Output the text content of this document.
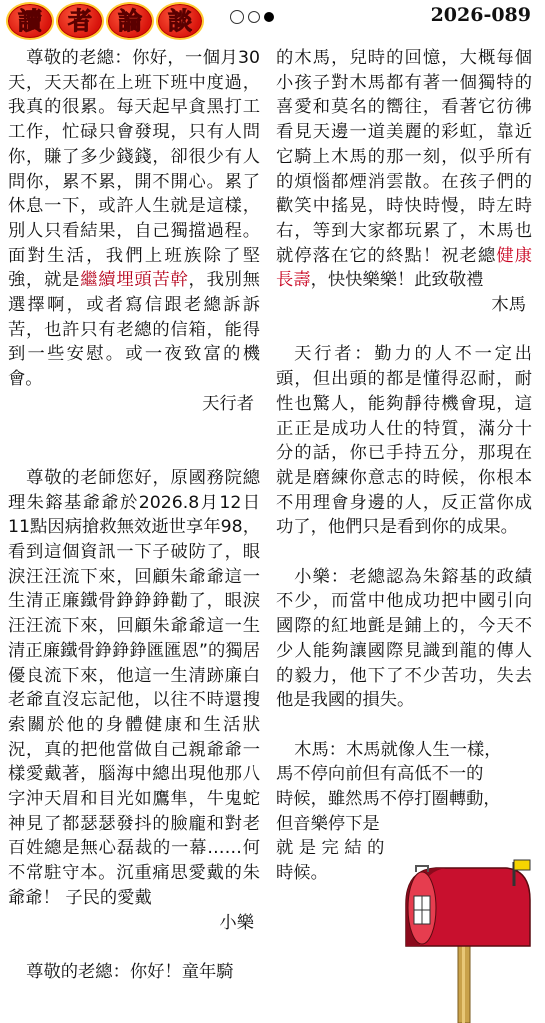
讀	者	論	談	2026-089

尊敬的老總：你好，一個月30天，天天都在上班下班中度過，我真的很累。每天起早貪黑打工工作，忙碌只會發現，只有人問你，賺了多少錢錢，卻很少有人問你，累不累，開不開心。累了休息一下，或許人生就是這樣，別人只看結果，自己獨擋過程。面對生活，我們上班族除了堅強，就是繼續埋頭苦幹，我別無選擇啊，或者寫信跟老總訴訴苦，也許只有老總的信箱，能得到一些安慰。或一夜致富的機會。

天行者

尊敬的老師您好，原國務院總理朱鎔基爺爺於2026.8月12日11點因病搶救無效逝世享年98，看到這個資訊一下子破防了，眼淚汪汪流下來，回顧朱爺爺這一生清正廉鐵骨錚錚錚勸了，眼淚汪汪流下來，回顧朱爺爺這一生清正廉鐵骨錚錚錚匯匯恩”的獨居優良流下來，他這一生清跡廉白老爺直沒忘記他，以往不時還搜索關於他的身體健康和生活狀況，真的把他當做自己親爺爺一樣愛戴著，腦海中總出現他那八字沖天眉和目光如鷹隼，牛鬼蛇神見了都瑟瑟發抖的臉龐和對老百姓總是無心磊裁的一幕……何不常駐守本。沉重痛思愛戴的朱爺爺！ 子民的愛戴

小樂

尊敬的老總：你好！童年騎

的木馬，兒時的回憶，大概每個小孩子對木馬都有著一個獨特的喜愛和莫名的嚮往，看著它彷彿看見天邊一道美麗的彩虹，靠近它騎上木馬的那一刻，似乎所有的煩惱都煙消雲散。在孩子們的歡笑中搖晃，時快時慢，時左時右，等到大家都玩累了，木馬也就停落在它的終點！祝老總健康長壽，快快樂樂！此致敬禮

木馬

天行者：勤力的人不一定出頭，但出頭的都是懂得忍耐，耐性也驚人，能夠靜待機會現，這正正是成功人仕的特質，滿分十分的話，你已手持五分，那現在就是磨練你意志的時候，你根本不用理會身邊的人，反正當你成功了，他們只是看到你的成果。

小樂：老總認為朱鎔基的政績不少，而當中他成功把中國引向國際的紅地氈是鋪上的，今天不少人能夠讓國際見識到龍的傳人的毅力，他下了不少苦功，失去他是我國的損失。

木馬：木馬就像人生一樣，
馬不停向前但有高低不一的
時候，雖然馬不停打圈轉動，
但音樂停下是
就 是 完 結 的
時候。
